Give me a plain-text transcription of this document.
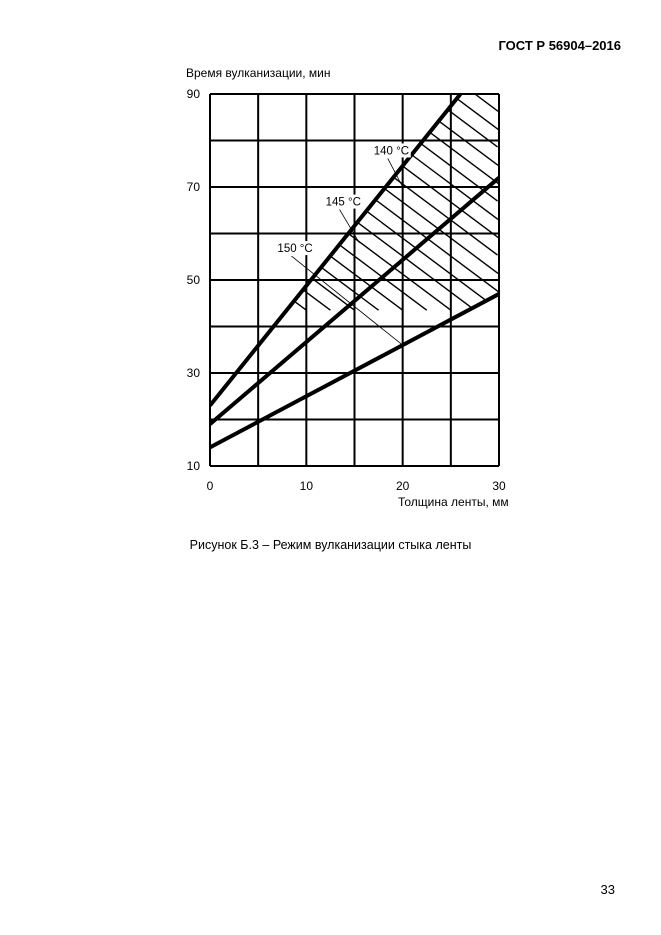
ГОСТ Р 56904–2016
0	10	20	30
10
30
50
70
90
140 °C
145 °C
150 °C
Время вулканизации, мин
Толщина ленты, мм
Рисунок Б.3 – Режим вулканизации стыка ленты
33
